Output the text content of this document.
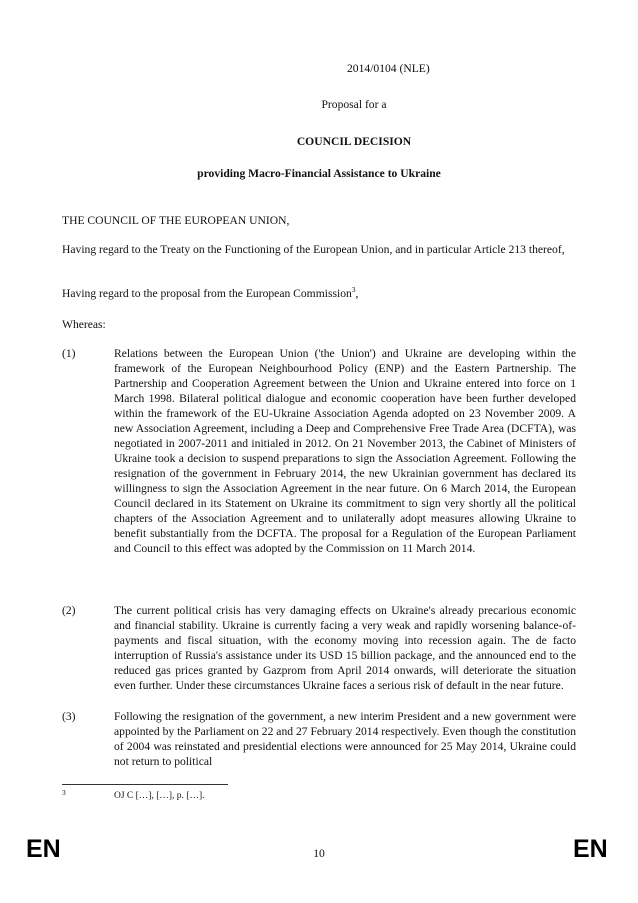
2014/0104 (NLE)
Proposal for a
COUNCIL DECISION
providing Macro-Financial Assistance to Ukraine
THE COUNCIL OF THE EUROPEAN UNION,
Having regard to the Treaty on the Functioning of the European Union, and in particular Article 213 thereof,
Having regard to the proposal from the European Commission$^3$,
Whereas:
(1)	Relations between the European Union ('the Union') and Ukraine are developing within the framework of the European Neighbourhood Policy (ENP) and the Eastern Partnership. The Partnership and Cooperation Agreement between the Union and Ukraine entered into force on 1 March 1998. Bilateral political dialogue and economic cooperation have been further developed within the framework of the EU-Ukraine Association Agenda adopted on 23 November 2009. A new Association Agreement, including a Deep and Comprehensive Free Trade Area (DCFTA), was negotiated in 2007-2011 and initialed in 2012. On 21 November 2013, the Cabinet of Ministers of Ukraine took a decision to suspend preparations to sign the Association Agreement. Following the resignation of the government in February 2014, the new Ukrainian government has declared its willingness to sign the Association Agreement in the near future. On 6 March 2014, the European Council declared in its Statement on Ukraine its commitment to sign very shortly all the political chapters of the Association Agreement and to unilaterally adopt measures allowing Ukraine to benefit substantially from the DCFTA. The proposal for a Regulation of the European Parliament and Council to this effect was adopted by the Commission on 11 March 2014.
(2)	The current political crisis has very damaging effects on Ukraine's already precarious economic and financial stability. Ukraine is currently facing a very weak and rapidly worsening balance-of-payments and fiscal situation, with the economy moving into recession again. The de facto interruption of Russia's assistance under its USD 15 billion package, and the announced end to the reduced gas prices granted by Gazprom from April 2014 onwards, will deteriorate the situation even further. Under these circumstances Ukraine faces a serious risk of default in the near future.
(3)	Following the resignation of the government, a new interim President and a new government were appointed by the Parliament on 22 and 27 February 2014 respectively. Even though the constitution of 2004 was reinstated and presidential elections were announced for 25 May 2014, Ukraine could not return to political
3	OJ C […], […], p. […].
EN	10	EN
